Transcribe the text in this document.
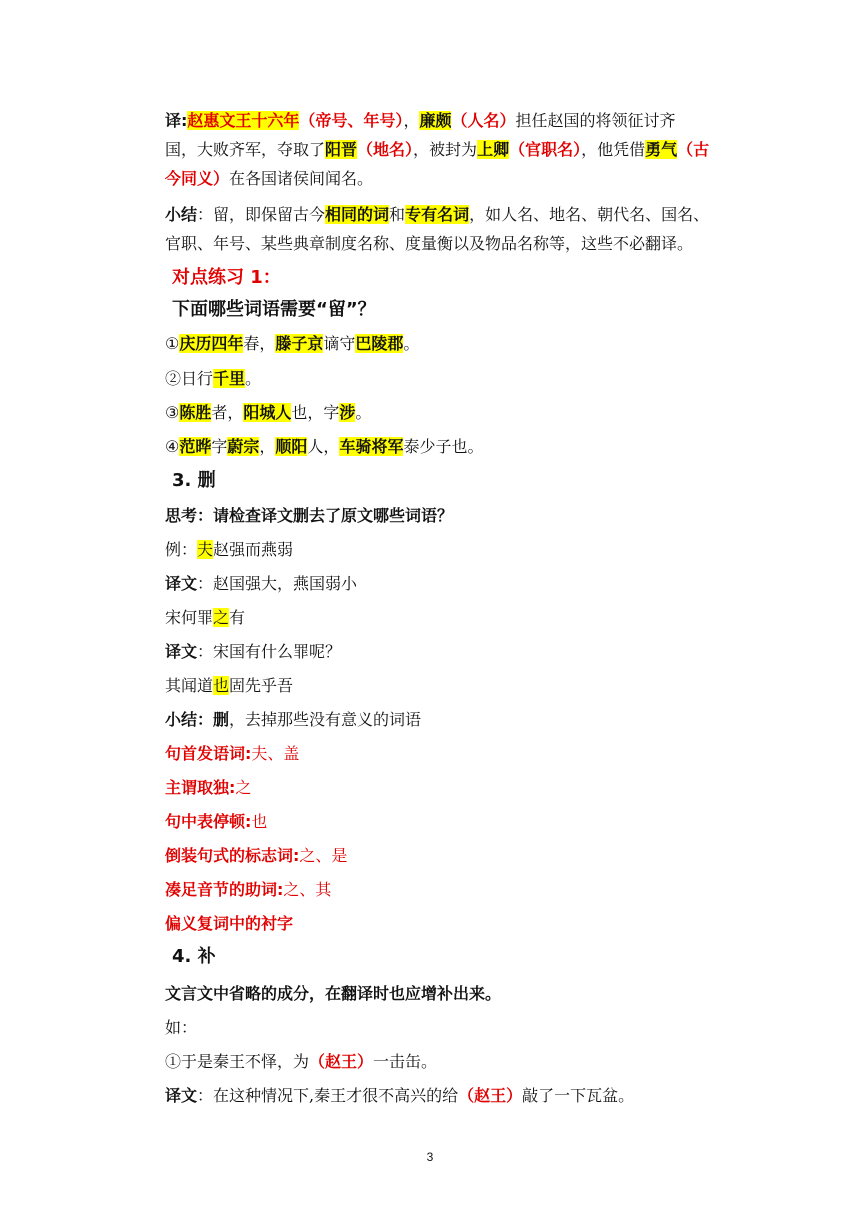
译:赵惠文王十六年（帝号、年号），廉颇（人名）担任赵国的将领征讨齐
国，大败齐军，夺取了阳晋（地名），被封为上卿（官职名），他凭借勇气（古
今同义）在各国诸侯间闻名。
小结：留，即保留古今相同的词和专有名词，如人名、地名、朝代名、国名、
官职、年号、某些典章制度名称、度量衡以及物品名称等，这些不必翻译。
对点练习 1：
下面哪些词语需要“留”？
①庆历四年春，滕子京谪守巴陵郡。
②日行千里。
③陈胜者，阳城人也，字涉。
④范晔字蔚宗，顺阳人，车骑将军泰少子也。
3. 删
思考：请检查译文删去了原文哪些词语？
例：夫赵强而燕弱
译文：赵国强大，燕国弱小
宋何罪之有
译文：宋国有什么罪呢？
其闻道也固先乎吾
小结：删，去掉那些没有意义的词语
句首发语词:夫、盖
主谓取独:之
句中表停顿:也
倒装句式的标志词:之、是
凑足音节的助词:之、其
偏义复词中的衬字
4. 补
文言文中省略的成分，在翻译时也应增补出来。
如：
①于是秦王不怿，为（赵王）一击缶。
译文：在这种情况下,秦王才很不高兴的给（赵王）敲了一下瓦盆。
3
